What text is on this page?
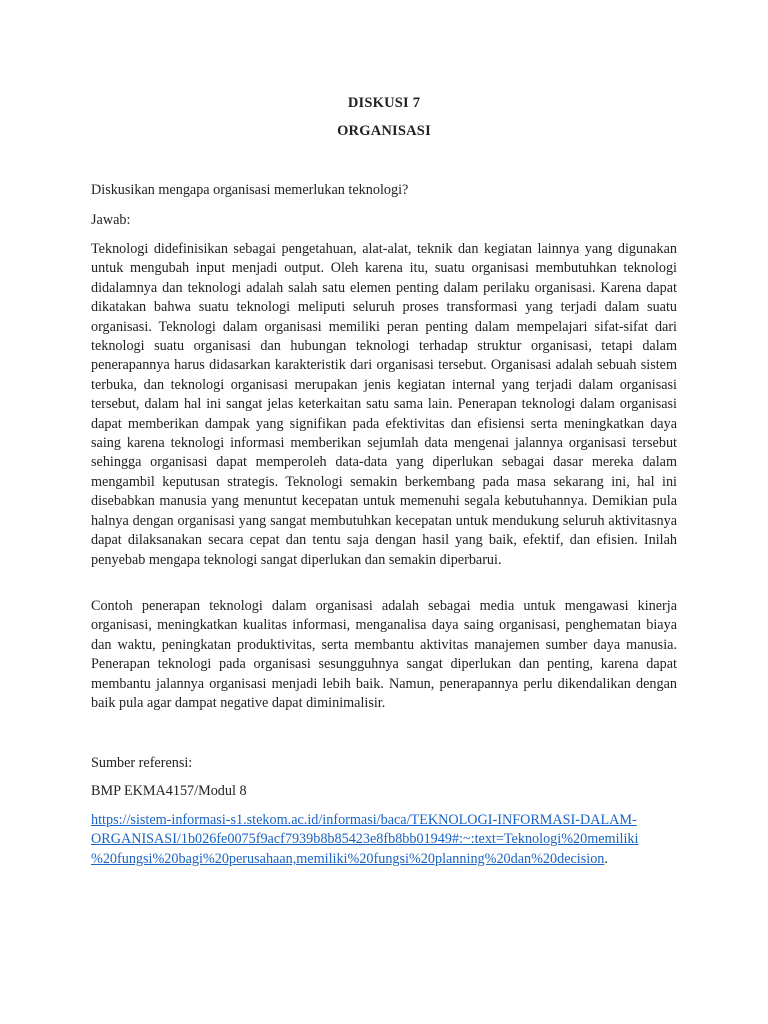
DISKUSI 7
ORGANISASI

Diskusikan mengapa organisasi memerlukan teknologi?

Jawab:

Teknologi didefinisikan sebagai pengetahuan, alat-alat, teknik dan kegiatan lainnya yang digunakan untuk mengubah input menjadi output. Oleh karena itu, suatu organisasi membutuhkan teknologi didalamnya dan teknologi adalah salah satu elemen penting dalam perilaku organisasi. Karena dapat dikatakan bahwa suatu teknologi meliputi seluruh proses transformasi yang terjadi dalam suatu organisasi. Teknologi dalam organisasi memiliki peran penting dalam mempelajari sifat-sifat dari teknologi suatu organisasi dan hubungan teknologi terhadap struktur organisasi, tetapi dalam penerapannya harus didasarkan karakteristik dari organisasi tersebut. Organisasi adalah sebuah sistem terbuka, dan teknologi organisasi merupakan jenis kegiatan internal yang terjadi dalam organisasi tersebut, dalam hal ini sangat jelas keterkaitan satu sama lain. Penerapan teknologi dalam organisasi dapat memberikan dampak yang signifikan pada efektivitas dan efisiensi serta meningkatkan daya saing karena teknologi informasi memberikan sejumlah data mengenai jalannya organisasi tersebut sehingga organisasi dapat memperoleh data-data yang diperlukan sebagai dasar mereka dalam mengambil keputusan strategis. Teknologi semakin berkembang pada masa sekarang ini, hal ini disebabkan manusia yang menuntut kecepatan untuk memenuhi segala kebutuhannya. Demikian pula halnya dengan organisasi yang sangat membutuhkan kecepatan untuk mendukung seluruh aktivitasnya dapat dilaksanakan secara cepat dan tentu saja dengan hasil yang baik, efektif, dan efisien. Inilah penyebab mengapa teknologi sangat diperlukan dan semakin diperbarui.

Contoh penerapan teknologi dalam organisasi adalah sebagai media untuk mengawasi kinerja organisasi, meningkatkan kualitas informasi, menganalisa daya saing organisasi, penghematan biaya dan waktu, peningkatan produktivitas, serta membantu aktivitas manajemen sumber daya manusia. Penerapan teknologi pada organisasi sesungguhnya sangat diperlukan dan penting, karena dapat membantu jalannya organisasi menjadi lebih baik. Namun, penerapannya perlu dikendalikan dengan baik pula agar dampat negative dapat diminimalisir.

Sumber referensi:

BMP EKMA4157/Modul 8

https://sistem-informasi-s1.stekom.ac.id/informasi/baca/TEKNOLOGI-INFORMASI-DALAM-

ORGANISASI/1b026fe0075f9acf7939b8b85423e8fb8bb01949#:~:text=Teknologi%20memiliki

%20fungsi%20bagi%20perusahaan,memiliki%20fungsi%20planning%20dan%20decision.
